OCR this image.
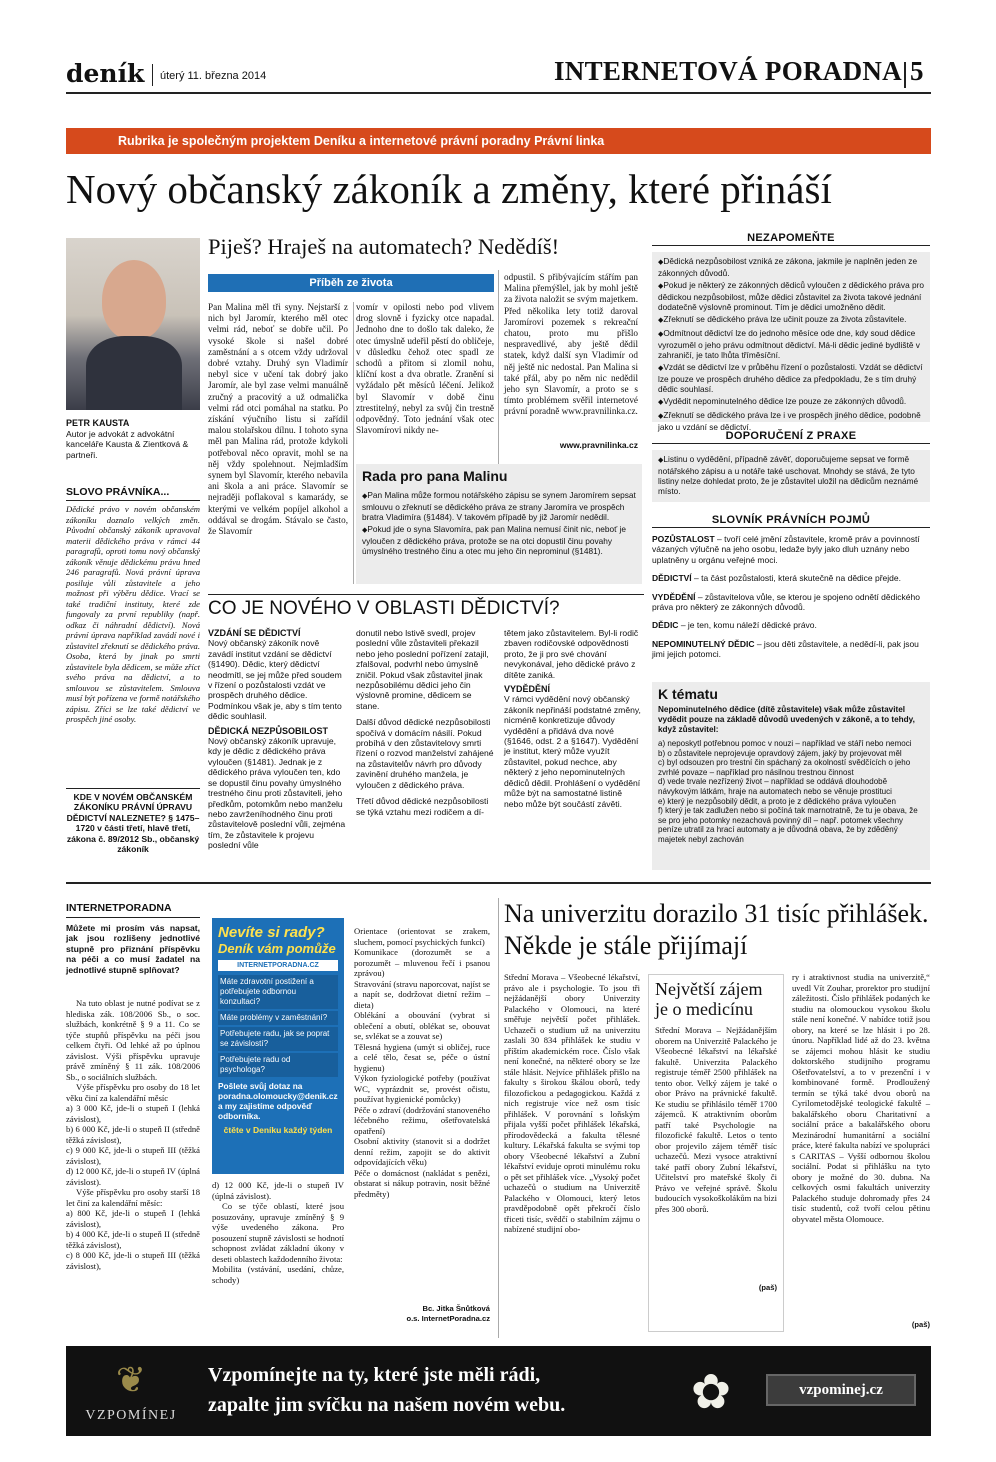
deník	úterý 11. března 2014	INTERNETOVÁ PORADNA 5
Rubrika je společným projektem Deníku a internetové právní poradny Právní linka
Nový občanský zákoník a změny, které přináší
PETR KAUSTA
Autor je advokát z advokátní kanceláře Kausta & Zientková & partneři.
SLOVO PRÁVNÍKA...
Dědické právo v novém občanském zákoníku doznalo velkých změn. Původní občanský zákoník upravoval materii dědického práva v rámci 44 paragrafů, oproti tomu nový občanský zákoník věnuje dědickému právu hned 246 paragrafů. Nová právní úprava posiluje vůli zůstavitele a jeho možnost při výběru dědice. Vrací se také tradiční instituty, které zde fungovaly za první republiky (např. odkaz či náhradní dědictví). Nová právní úprava například zavádí nové i zůstavitel zřeknutí se dědického práva. Osoba, která by jinak po smrti zůstavitele byla dědicem, se může zříct svého práva na dědictví, a to smlouvou se zůstavitelem. Smlouva musí být pořízena ve formě notářského zápisu. Zříci se lze také dědictví ve prospěch jiné osoby.
KDE V NOVÉM OBČANSKÉM ZÁKONÍKU PRÁVNÍ ÚPRAVU DĚDICTVÍ NALEZNETE? § 1475–1720 v části třetí, hlavě třetí, zákona č. 89/2012 Sb., občanský zákoník
Piješ? Hraješ na automatech? Nedědíš!
Příběh ze života
Pan Malina měl tři syny. Nejstarší z nich byl Jaromír, kterého měl otec velmi rád, neboť se dobře učil. Po vysoké škole si našel dobré zaměstnání a s otcem vždy udržoval dobré vztahy. Druhý syn Vladimír nebyl sice v učení tak dobrý jako Jaromír, ale byl zase velmi manuálně zručný a pracovitý a už odmalička velmi rád otci pomáhal na statku. Po získání výučního listu si zařídil malou stolařskou dílnu. I tohoto syna měl pan Malina rád, protože kdykoli potřeboval něco opravit, mohl se na něj vždy spolehnout. Nejmladším synem byl Slavomír, kterého nebavila ani škola a ani práce. Slavomír se nejraději poflakoval s kamarády, se kterými ve velkém popíjel alkohol a oddával se drogám. Stávalo se často, že Slavomír
vomír v opilosti nebo pod vlivem drog slovně i fyzicky otce napadal. Jednoho dne to došlo tak daleko, že otec úmyslně udeřil pěstí do obličeje, v důsledku čehož otec spadl ze schodů a přitom si zlomil nohu, klíční kost a dva obratle. Zranění si vyžádalo pět měsíců léčení. Jelikož byl Slavomír v době činu ztrestitelný, nebyl za svůj čin trestně odpovědný. Toto jednání však otec Slavomírovi nikdy ne-
odpustil. S přibývajícím stářím pan Malina přemýšlel, jak by mohl ještě za života naložit se svým majetkem. Před několika lety totiž daroval Jaromírovi pozemek s rekreační chatou, proto mu přišlo nespravedlivé, aby ještě dědil statek, když další syn Vladimír od něj ještě nic nedostal. Pan Malina si také přál, aby po něm nic nedědil jeho syn Slavomír, a proto se s tímto problémem svěřil internetové právní poradně www.pravnilinka.cz.
www.pravnilinka.cz
Rada pro pana Malinu
◆ Pan Malina může formou notářského zápisu se synem Jaromírem sepsat smlouvu o zřeknutí se dědického práva ze strany Jaromíra ve prospěch bratra Vladimíra (§1484). V takovém případě by již Jaromír nedědil.
◆ Pokud jde o syna Slavomíra, pak pan Malina nemusí činit nic, neboť je vyloučen z dědického práva, protože se na otci dopustil činu povahy úmyslného trestného činu a otec mu jeho čin neprominul (§1481).
CO JE NOVÉHO V OBLASTI DĚDICTVÍ?
VZDÁNÍ SE DĚDICTVÍ
Nový občanský zákoník nově zavádí institut vzdání se dědictví (§1490). Dědic, který dědictví neodmítl, se jej může před soudem v řízení o pozůstalosti vzdát ve prospěch druhého dědice. Podmínkou však je, aby s tím tento dědic souhlasil.
DĚDICKÁ NEZPŮSOBILOST
Nový občanský zákoník upravuje, kdy je dědic z dědického práva vyloučen (§1481). Jednak je z dědického práva vyloučen ten, kdo se dopustil činu povahy úmyslného trestného činu proti zůstaviteli, jeho předkům, potomkům nebo manželu nebo zavrženíhodného činu proti zůstavitelově poslední vůli, zejména tím, že zůstavitele k projevu poslední vůle
donutil nebo lstivě svedl, projev poslední vůle zůstaviteli překazil nebo jeho poslední pořízení zatajil, zfalšoval, podvrhl nebo úmyslně zničil. Pokud však zůstavitel jinak nezpůsobilému dědici jeho čin výslovně promine, dědicem se stane.
Další důvod dědické nezpůsobilosti spočívá v domácím násilí. Pokud probíhá v den zůstavitelovy smrti řízení o rozvod manželství zahájené na zůstavitelův návrh pro důvody zavinění druhého manžela, je vyloučen z dědického práva.
Třetí důvod dědické nezpůsobilosti se týká vztahu mezi rodičem a dí-
tětem jako zůstavitelem. Byl-li rodič zbaven rodičovské odpovědnosti proto, že ji pro své chování nevykonával, jeho dědické právo z dítěte zaniká.
VYDĚDĚNÍ
V rámci vydědění nový občanský zákoník nepřináší podstatné změny, nicméně konkretizuje důvody vydědění a přidává dva nové (§1646, odst. 2 a §1647). Vydědění je institut, který může využít zůstavitel, pokud nechce, aby některý z jeho nepominutelných dědiců dědil. Prohlášení o vydědění může být na samostatné listině nebo může být součástí závěti.
NEZAPOMEŇTE
◆ Dědická nezpůsobilost vzniká ze zákona, jakmile je naplněn jeden ze zákonných důvodů.
◆ Pokud je některý ze zákonných dědiců vyloučen z dědického práva pro dědickou nezpůsobilost, může dědici zůstavitel za života takové jednání dodatečně výslovně prominout. Tím je dědici umožněno dědit.
◆ Zřeknutí se dědického práva lze učinit pouze za života zůstavitele.
◆ Odmítnout dědictví lze do jednoho měsíce ode dne, kdy soud dědice vyrozuměl o jeho právu odmítnout dědictví. Má-li dědic jediné bydliště v zahraničí, je tato lhůta tříměsíční.
◆ Vzdát se dědictví lze v průběhu řízení o pozůstalosti. Vzdát se dědictví lze pouze ve prospěch druhého dědice za předpokladu, že s tím druhý dědic souhlasí.
◆ Vydědit nepominutelného dědice lze pouze ze zákonných důvodů.
◆ Zřeknutí se dědického práva lze i ve prospěch jiného dědice, podobně jako u vzdání se dědictví.
DOPORUČENÍ Z PRAXE
◆ Listinu o vydědění, případně závěť, doporučujeme sepsat ve formě notářského zápisu a u notáře také uschovat. Mnohdy se stává, že tyto listiny nelze dohledat proto, že je zůstavitel uložil na dědicům neznámé místo.
SLOVNÍK PRÁVNÍCH POJMŮ
POZŮSTALOST – tvoří celé jmění zůstavitele, kromě práv a povinností vázaných výlučně na jeho osobu, ledaže byly jako dluh uznány nebo uplatněny u orgánu veřejné moci.
DĚDICTVÍ – ta část pozůstalosti, která skutečně na dědice přejde.
VYDĚDĚNÍ – zůstavitelova vůle, se kterou je spojeno odnětí dědického práva pro některý ze zákonných důvodů.
DĚDIC – je ten, komu náleží dědické právo.
NEPOMINUTELNÝ DĚDIC – jsou děti zůstavitele, a nedědí-li, pak jsou jimi jejich potomci.
K tématu
Nepominutelného dědice (dítě zůstavitele) však může zůstavitel vydědit pouze na základě důvodů uvedených v zákoně, a to tehdy, když zůstavitel:
a) neposkytl potřebnou pomoc v nouzi – například ve stáří nebo nemoci
b) o zůstavitele neprojevuje opravdový zájem, jaký by projevovat měl
c) byl odsouzen pro trestní čin spáchaný za okolností svědčících o jeho zvrhlé povaze – například pro násilnou trestnou činnost
d) vede trvale nezřízený život – například se oddává dlouhodobě návykovým látkám, hraje na automatech nebo se věnuje prostituci
e) který je nezpůsobilý dědit, a proto je z dědického práva vyloučen
f) který je tak zadlužen nebo si počíná tak marnotratně, že tu je obava, že se pro jeho potomky nezachová povinný díl – např. potomek všechny peníze utratil za hrací automaty a je důvodná obava, že by zděděný majetek nebyl zachován
INTERNETPORADNA
Můžete mi prosím vás napsat, jak jsou rozlišeny jednotlivé stupně pro přiznání příspěvku na péči a co musí žadatel na jednotlivé stupně splňovat?
Na tuto oblast je nutné podívat se z hlediska zák. 108/2006 Sb., o soc. službách, konkrétně § 9 a 11. Co se týče stupňů příspěvku na péči jsou celkem čtyři. Od lehké až po úplnou závislost. Výši příspěvku upravuje právě zmíněný § 11 zák. 108/2006 Sb., o sociálních službách.
Výše příspěvku pro osoby do 18 let věku činí za kalendářní měsíc
a) 3 000 Kč, jde-li o stupeň I (lehká závislost),
b) 6 000 Kč, jde-li o stupeň II (středně těžká závislost),
c) 9 000 Kč, jde-li o stupeň III (těžká závislost),
d) 12 000 Kč, jde-li o stupeň IV (úplná závislost).
Výše příspěvku pro osoby starší 18 let činí za kalendářní měsíc:
a) 800 Kč, jde-li o stupeň I (lehká závislost),
b) 4 000 Kč, jde-li o stupeň II (středně těžká závislost),
c) 8 000 Kč, jde-li o stupeň III (těžká závislost),
Nevíte si rady?
Deník vám pomůže
INTERNETPORADNA.CZ
Máte zdravotní postižení a potřebujete odbornou konzultaci?
Máte problémy v zaměstnání?
Potřebujete radu, jak se poprat se závislostí?
Potřebujete radu od psychologa?
Pošlete svůj dotaz na poradna.olomoucky@denik.cz a my zajistíme odpověď odborníka.
čtěte v Deníku každý týden
d) 12 000 Kč, jde-li o stupeň IV (úplná závislost).
Co se týče oblastí, které jsou posuzovány, upravuje zmíněný § 9 výše uvedeného zákona. Pro posouzení stupně závislosti se hodnotí schopnost zvládat základní úkony v deseti oblastech každodenního života:
Mobilita (vstávání, usedání, chůze, schody)
Orientace (orientovat se zrakem, sluchem, pomocí psychických funkcí)
Komunikace (dorozumět se a porozumět – mluvenou řečí i psanou zprávou)
Stravování (stravu naporcovat, najíst se a napít se, dodržovat dietní režim – dieta)
Oblékání a obouvání (vybrat si oblečení a obutí, oblékat se, obouvat se, svlékat se a zouvat se)
Tělesná hygiena (umýt si obličej, ruce a celé tělo, česat se, péče o ústní hygienu)
Výkon fyziologické potřeby (používat WC, vyprázdnit se, provést očistu, používat hygienické pomůcky)
Péče o zdraví (dodržování stanoveného léčebného režimu, ošetřovatelská opatření)
Osobní aktivity (stanovit si a dodržet denní režim, zapojit se do aktivit odpovídajících věku)
Péče o domácnost (nakládat s penězi, obstarat si nákup potravin, nosit běžné předměty)
Bc. Jitka Šnůtková
o.s. InternetPoradna.cz
Na univerzitu dorazilo 31 tisíc přihlášek. Někde je stále přijímají
Střední Morava – Všeobecné lékařství, právo ale i psychologie. To jsou tři nejžádanější obory Univerzity Palackého v Olomouci, na které směřuje největší počet přihlášek. Uchazeči o studium už na univerzitu zaslali 30 834 přihlášek ke studiu v příštím akademickém roce. Číslo však není konečné, na některé obory se lze stále hlásit. Nejvíce přihlášek přišlo na fakulty s širokou škálou oborů, tedy filozofickou a pedagogickou. Každá z nich registruje více než osm tisíc přihlášek. V porovnání s loňským přijala vyšší počet přihlášek lékařská, přírodovědecká a fakulta tělesné kultury. Lékařská fakulta se svými top obory Všeobecné lékařství a Zubní lékařství eviduje oproti minulému roku o pět set přihlášek více. „Vysoký počet uchazečů o studium na Univerzitě Palackého v Olomouci, který letos pravděpodobně opět překročí číslo třiceti tisíc, svědčí o stabilním zájmu o nabízené studijní obo-
Největší zájem je o medicínu
Střední Morava – Nejžádanějším oborem na Univerzitě Palackého je Všeobecné lékařství na lékařské fakultě. Univerzita Palackého registruje téměř 2500 přihlášek na tento obor. Velký zájem je také o obor Právo na právnické fakultě. Ke studiu se přihlásilo téměř 1700 zájemců. K atraktivním oborům patří také Psychologie na filozofické fakultě. Letos o tento obor projevilo zájem téměř tisíc uchazečů. Mezi vysoce atraktivní také patří obory Zubní lékařství, Učitelství pro mateřské školy či Právo ve veřejné správě. Školu budoucích vysokoškolákům na bizi přes 300 oborů.
(paš)
ry i atraktivnost studia na univerzitě,“ uvedl Vít Zouhar, prorektor pro studijní záležitosti. Číslo přihlášek podaných ke studiu na olomouckou vysokou školu stále není konečné. V nabídce totiž jsou obory, na které se lze hlásit i po 28. únoru. Například lidé až do 23. května se zájemci mohou hlásit ke studiu doktorského studijního programu Ošetřovatelství, a to v prezenční i v kombinované formě. Prodloužený termín se týká také dvou oborů na Cyrilometodějské teologické fakultě – bakalářského oboru Charitativní a sociální práce a bakalářského oboru Mezinárodní humanitární a sociální práce, které fakulta nabízí ve spolupráci s CARITAS – Vyšší odbornou školou sociální. Podat si přihlášku na tyto obory je možné do 30. dubna. Na celkových osmi fakultách univerzity Palackého studuje dohromady přes 24 tisíc studentů, což tvoří celou pětinu obyvatel města Olomouce.
(paš)
❦
VZPOMÍNEJ
Vzpomínejte na ty, které jste měli rádi,
zapalte jim svíčku na našem novém webu.	✿	vzpominej.cz
